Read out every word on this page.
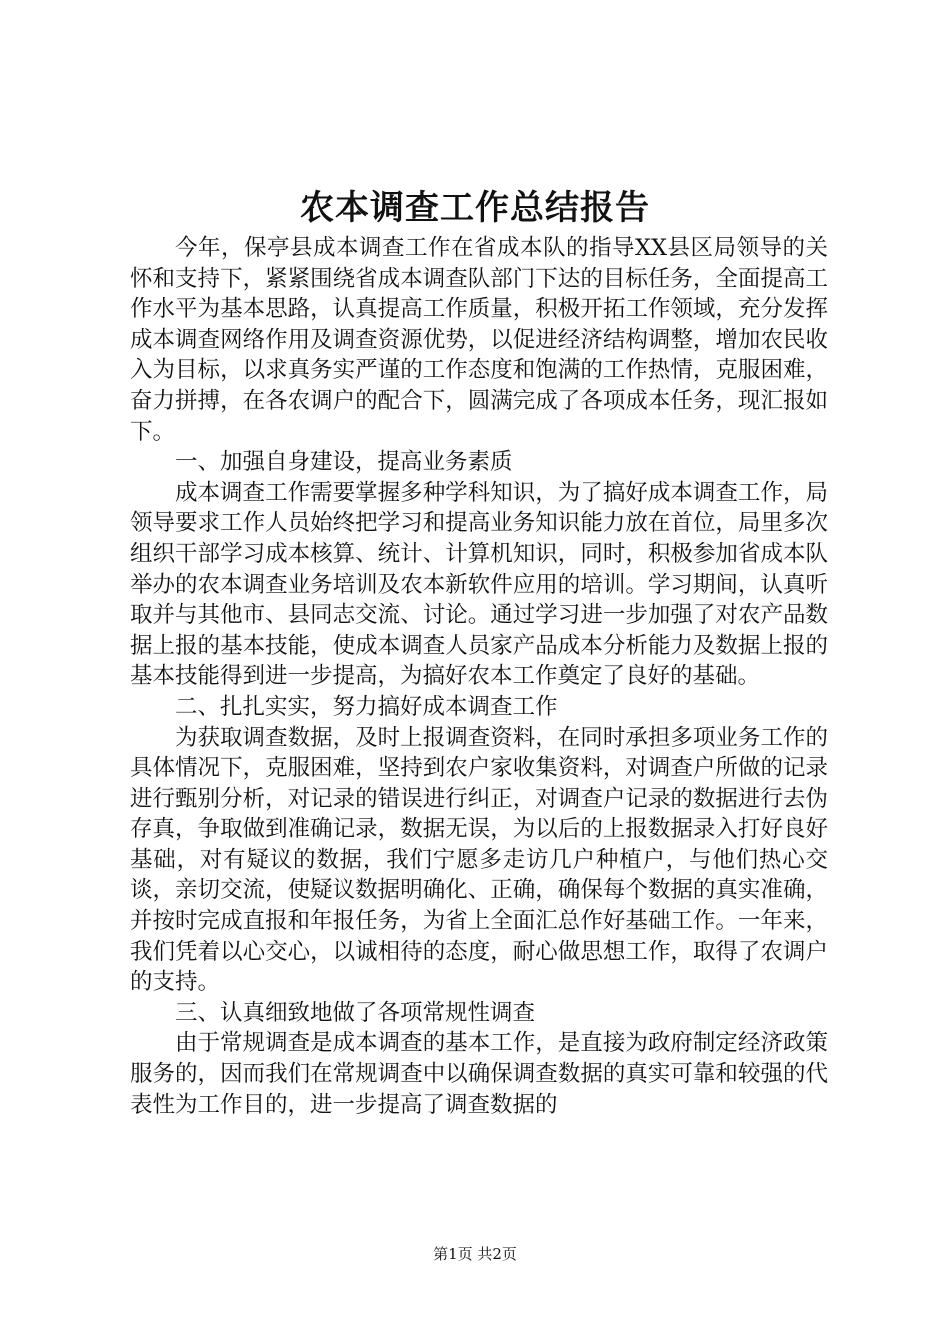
农本调查工作总结报告

今年，保亭县成本调查工作在省成本队的指导XX县区局领导的关怀和支持下，紧紧围绕省成本调查队部门下达的目标任务，全面提高工作水平为基本思路，认真提高工作质量，积极开拓工作领域，充分发挥成本调查网络作用及调查资源优势，以促进经济结构调整，增加农民收入为目标，以求真务实严谨的工作态度和饱满的工作热情，克服困难，奋力拼搏，在各农调户的配合下，圆满完成了各项成本任务，现汇报如下。

一、加强自身建设，提高业务素质

成本调查工作需要掌握多种学科知识，为了搞好成本调查工作，局领导要求工作人员始终把学习和提高业务知识能力放在首位，局里多次组织干部学习成本核算、统计、计算机知识，同时，积极参加省成本队举办的农本调查业务培训及农本新软件应用的培训。学习期间，认真听取并与其他市、县同志交流、讨论。通过学习进一步加强了对农产品数据上报的基本技能，使成本调查人员家产品成本分析能力及数据上报的基本技能得到进一步提高，为搞好农本工作奠定了良好的基础。

二、扎扎实实，努力搞好成本调查工作

为获取调查数据，及时上报调查资料，在同时承担多项业务工作的具体情况下，克服困难，坚持到农户家收集资料，对调查户所做的记录进行甄别分析，对记录的错误进行纠正，对调查户记录的数据进行去伪存真，争取做到准确记录，数据无误，为以后的上报数据录入打好良好基础，对有疑议的数据，我们宁愿多走访几户种植户，与他们热心交谈，亲切交流，使疑议数据明确化、正确，确保每个数据的真实准确，并按时完成直报和年报任务，为省上全面汇总作好基础工作。一年来，我们凭着以心交心，以诚相待的态度，耐心做思想工作，取得了农调户的支持。

三、认真细致地做了各项常规性调查

由于常规调查是成本调查的基本工作，是直接为政府制定经济政策服务的，因而我们在常规调查中以确保调查数据的真实可靠和较强的代表性为工作目的，进一步提高了调查数据的

第1页 共2页
